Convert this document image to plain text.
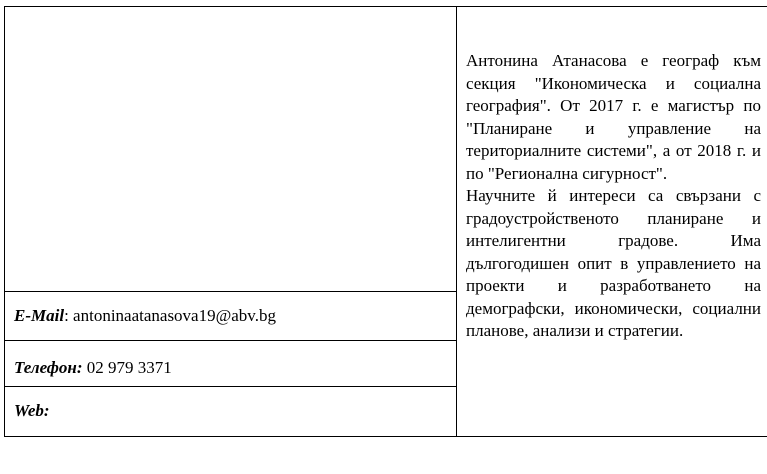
E-Mail: antoninaatanasova19@abv.bg
Телефон: 02 979 3371
Web:

Антонина Атанасова е географ към секция "Икономическа и социална география". От 2017 г. е магистър по "Планиране и управление на териториалните системи", а от 2018 г. и по "Регионална сигурност".

Научните й интереси са свързани с градоустройственото планиране и интелигентни градове. Има дългогодишен опит в управлението на проекти и разработването на демографски, икономически, социални планове, анализи и стратегии.
